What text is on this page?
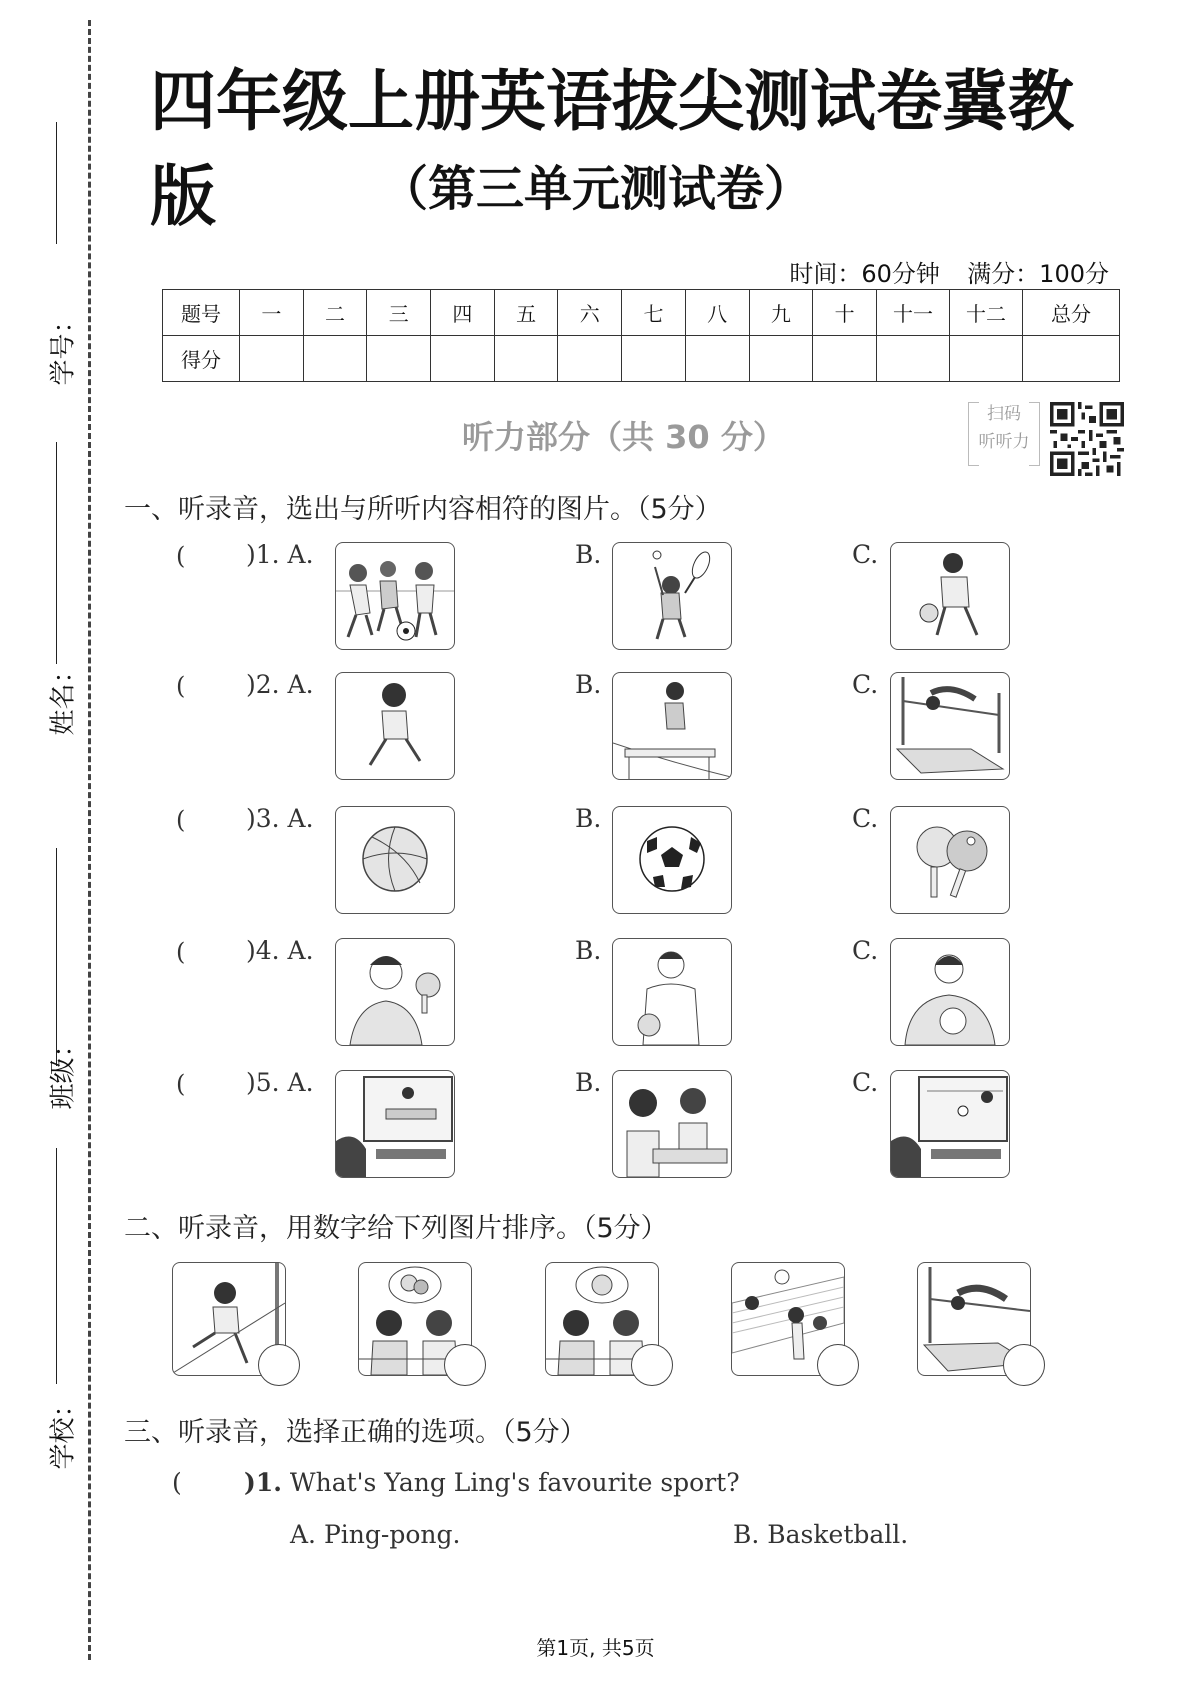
学号：
姓名：
班级：
学校：
四年级上册英语拔尖测试卷冀教版	（第三单元测试卷）
时间：60分钟 满分：100分
题号	一	二	三	四	五	六	七	八	九	十	十一	十二	总分
得分													
听力部分（共 30 分）
扫码
听听力
一、听录音，选出与所听内容相符的图片。（5分）
( )1. A.	B.	C.
( )2. A.	B.	C.
( )3. A.	B.	C.
( )4. A.	B.	C.
( )5. A.	B.	C.
二、听录音，用数字给下列图片排序。（5分）
三、听录音，选择正确的选项。（5分）
( )1. What's Yang Ling's favourite sport?
A. Ping-pong.	B. Basketball.
第1页, 共5页
